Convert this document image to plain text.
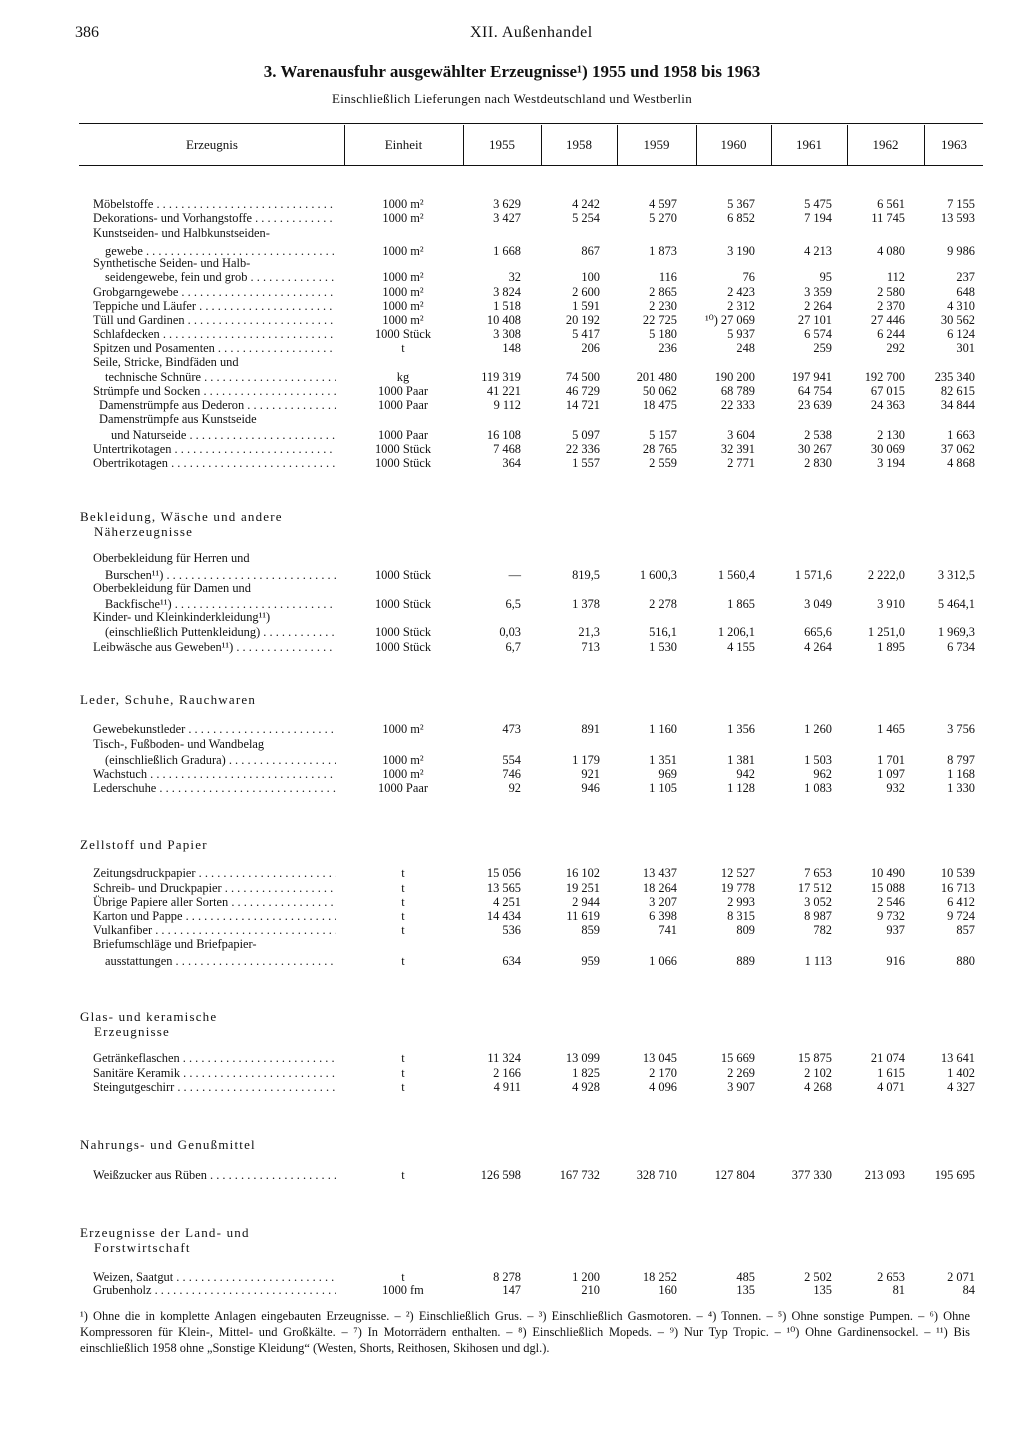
386	XII. Außenhandel
3. Warenausfuhr ausgewählter Erzeugnisse¹) 1955 und 1958 bis 1963
Einschließlich Lieferungen nach Westdeutschland und Westberlin
Erzeugnis	Einheit	1955	1958	1959	1960	1961	1962	1963
Möbelstoffe . . .	1000 m²	3 629	4 242	4 597	5 367	5 475	6 561	7 155
Dekorations- und Vorhangstoffe . . .	1000 m²	3 427	5 254	5 270	6 852	7 194	11 745	13 593
Kunstseiden- und Halbkunstseiden-
gewebe . . .	1000 m²	1 668	867	1 873	3 190	4 213	4 080	9 986
Synthetische Seiden- und Halb-
seidengewebe, fein und grob . . .	1000 m²	32	100	116	76	95	112	237
Grobgarngewebe . . .	1000 m²	3 824	2 600	2 865	2 423	3 359	2 580	648
Teppiche und Läufer . . .	1000 m²	1 518	1 591	2 230	2 312	2 264	2 370	4 310
Tüll und Gardinen . . .	1000 m²	10 408	20 192	22 725	¹⁰) 27 069	27 101	27 446	30 562
Schlafdecken . . .	1000 Stück	3 308	5 417	5 180	5 937	6 574	6 244	6 124
Spitzen und Posamenten . . .	t	148	206	236	248	259	292	301
Seile, Stricke, Bindfäden und
technische Schnüre . . .	kg	119 319	74 500	201 480	190 200	197 941	192 700	235 340
Strümpfe und Socken . . .	1000 Paar	41 221	46 729	50 062	68 789	64 754	67 015	82 615
Damenstrümpfe aus Dederon . . .	1000 Paar	9 112	14 721	18 475	22 333	23 639	24 363	34 844
Damenstrümpfe aus Kunstseide
und Naturseide . . .	1000 Paar	16 108	5 097	5 157	3 604	2 538	2 130	1 663
Untertrikotagen . . .	1000 Stück	7 468	22 336	28 765	32 391	30 267	30 069	37 062
Obertrikotagen . . .	1000 Stück	364	1 557	2 559	2 771	2 830	3 194	4 868
Oberbekleidung für Herren und
Burschen¹¹) . . .	1000 Stück	—	819,5	1 600,3	1 560,4	1 571,6	2 222,0	3 312,5
Oberbekleidung für Damen und
Backfische¹¹) . . .	1000 Stück	6,5	1 378	2 278	1 865	3 049	3 910	5 464,1
Kinder- und Kleinkinderkleidung¹¹)
(einschließlich Puttenkleidung) . . .	1000 Stück	0,03	21,3	516,1	1 206,1	665,6	1 251,0	1 969,3
Leibwäsche aus Geweben¹¹) . . .	1000 Stück	6,7	713	1 530	4 155	4 264	1 895	6 734
Gewebekunstleder . . .	1000 m²	473	891	1 160	1 356	1 260	1 465	3 756
Tisch-, Fußboden- und Wandbelag
(einschließlich Gradura) . . .	1000 m²	554	1 179	1 351	1 381	1 503	1 701	8 797
Wachstuch . . .	1000 m²	746	921	969	942	962	1 097	1 168
Lederschuhe . . .	1000 Paar	92	946	1 105	1 128	1 083	932	1 330
Zeitungsdruckpapier . . .	t	15 056	16 102	13 437	12 527	7 653	10 490	10 539
Schreib- und Druckpapier . . .	t	13 565	19 251	18 264	19 778	17 512	15 088	16 713
Übrige Papiere aller Sorten . . .	t	4 251	2 944	3 207	2 993	3 052	2 546	6 412
Karton und Pappe . . .	t	14 434	11 619	6 398	8 315	8 987	9 732	9 724
Vulkanfiber . . .	t	536	859	741	809	782	937	857
Briefumschläge und Briefpapier-
ausstattungen . . .	t	634	959	1 066	889	1 113	916	880
Getränkeflaschen . . .	t	11 324	13 099	13 045	15 669	15 875	21 074	13 641
Sanitäre Keramik . . .	t	2 166	1 825	2 170	2 269	2 102	1 615	1 402
Steingutgeschirr . . .	t	4 911	4 928	4 096	3 907	4 268	4 071	4 327
Weißzucker aus Rüben . . .	t	126 598	167 732	328 710	127 804	377 330	213 093	195 695
Weizen, Saatgut . . .	t	8 278	1 200	18 252	485	2 502	2 653	2 071
Grubenholz . . .	1000 fm	147	210	160	135	135	81	84
Bekleidung, Wäsche und andere
Näherzeugnisse
Leder, Schuhe, Rauchwaren
Zellstoff und Papier
Glas- und keramische
Erzeugnisse
Nahrungs- und Genußmittel
Erzeugnisse der Land- und
Forstwirtschaft
¹) Ohne die in komplette Anlagen eingebauten Erzeugnisse. – ²) Einschließlich Grus. – ³) Einschließlich Gasmotoren. – ⁴) Tonnen. – ⁵) Ohne sonstige Pumpen. – ⁶) Ohne Kompressoren für Klein-, Mittel- und Großkälte. – ⁷) In Motorrädern enthalten. – ⁸) Einschließlich Mopeds. – ⁹) Nur Typ Tropic. – ¹⁰) Ohne Gardinensockel. – ¹¹) Bis einschließlich 1958 ohne „Sonstige Kleidung“ (Westen, Shorts, Reithosen, Skihosen und dgl.).
